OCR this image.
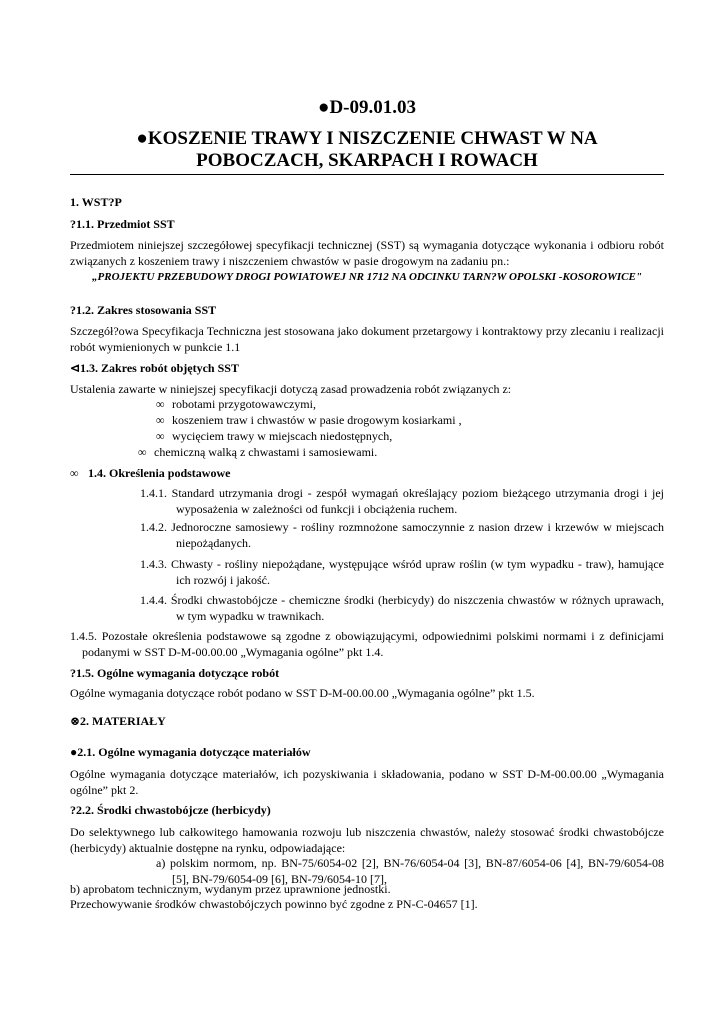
●D-09.01.03
●KOSZENIE TRAWY I NISZCZENIE CHWAST W NA
POBOCZACH, SKARPACH I ROWACH
1. WST?P
?1.1. Przedmiot SST
Przedmiotem niniejszej szczegółowej specyfikacji technicznej (SST) są wymagania dotyczące wykonania i odbioru robót związanych z koszeniem trawy i niszczeniem chwastów w pasie drogowym na zadaniu pn.:
„PROJEKTU PRZEBUDOWY DROGI POWIATOWEJ NR 1712 NA ODCINKU TARN?W OPOLSKI -KOSOROWICE"
?1.2. Zakres stosowania SST
Szczegół?owa Specyfikacja Techniczna jest stosowana jako dokument przetargowy i kontraktowy przy zlecaniu i realizacji robót wymienionych w punkcie 1.1
⊲1.3. Zakres robót objętych SST
Ustalenia zawarte w niniejszej specyfikacji dotyczą zasad prowadzenia robót związanych z:
∞ robotami przygotowawczymi,
∞ koszeniem traw i chwastów w pasie drogowym kosiarkami ,
∞ wycięciem trawy w miejscach niedostępnych,
∞ chemiczną walką z chwastami i samosiewami.
∞ 1.4. Określenia podstawowe
1.4.1. Standard utrzymania drogi - zespół wymagań określający poziom bieżącego utrzymania drogi i jej wyposażenia w zależności od funkcji i obciążenia ruchem.
1.4.2. Jednoroczne samosiewy - rośliny rozmnożone samoczynnie z nasion drzew i krzewów w miejscach niepożądanych.
1.4.3. Chwasty - rośliny niepożądane, występujące wśród upraw roślin (w tym wypadku - traw), hamujące ich rozwój i jakość.
1.4.4. Środki chwastobójcze - chemiczne środki (herbicydy) do niszczenia chwastów w różnych uprawach, w tym wypadku w trawnikach.
1.4.5. Pozostałe określenia podstawowe są zgodne z obowiązującymi, odpowiednimi polskimi normami i z definicjami podanymi w SST D-M-00.00.00 „Wymagania ogólne” pkt 1.4.
?1.5. Ogólne wymagania dotyczące robót
Ogólne wymagania dotyczące robót podano w SST D-M-00.00.00 „Wymagania ogólne” pkt 1.5.
⊗2. MATERIAŁY
●2.1. Ogólne wymagania dotyczące materiałów
Ogólne wymagania dotyczące materiałów, ich pozyskiwania i składowania, podano w SST D-M-00.00.00 „Wymagania ogólne” pkt 2.
?2.2. Środki chwastobójcze (herbicydy)
Do selektywnego lub całkowitego hamowania rozwoju lub niszczenia chwastów, należy stosować środki chwastobójcze (herbicydy) aktualnie dostępne na rynku, odpowiadające:
a) polskim normom, np. BN-75/6054-02 [2], BN-76/6054-04 [3], BN-87/6054-06 [4], BN-79/6054-08 [5], BN-79/6054-09 [6], BN-79/6054-10 [7],
b) aprobatom technicznym, wydanym przez uprawnione jednostki.
Przechowywanie środków chwastobójczych powinno być zgodne z PN-C-04657 [1].
